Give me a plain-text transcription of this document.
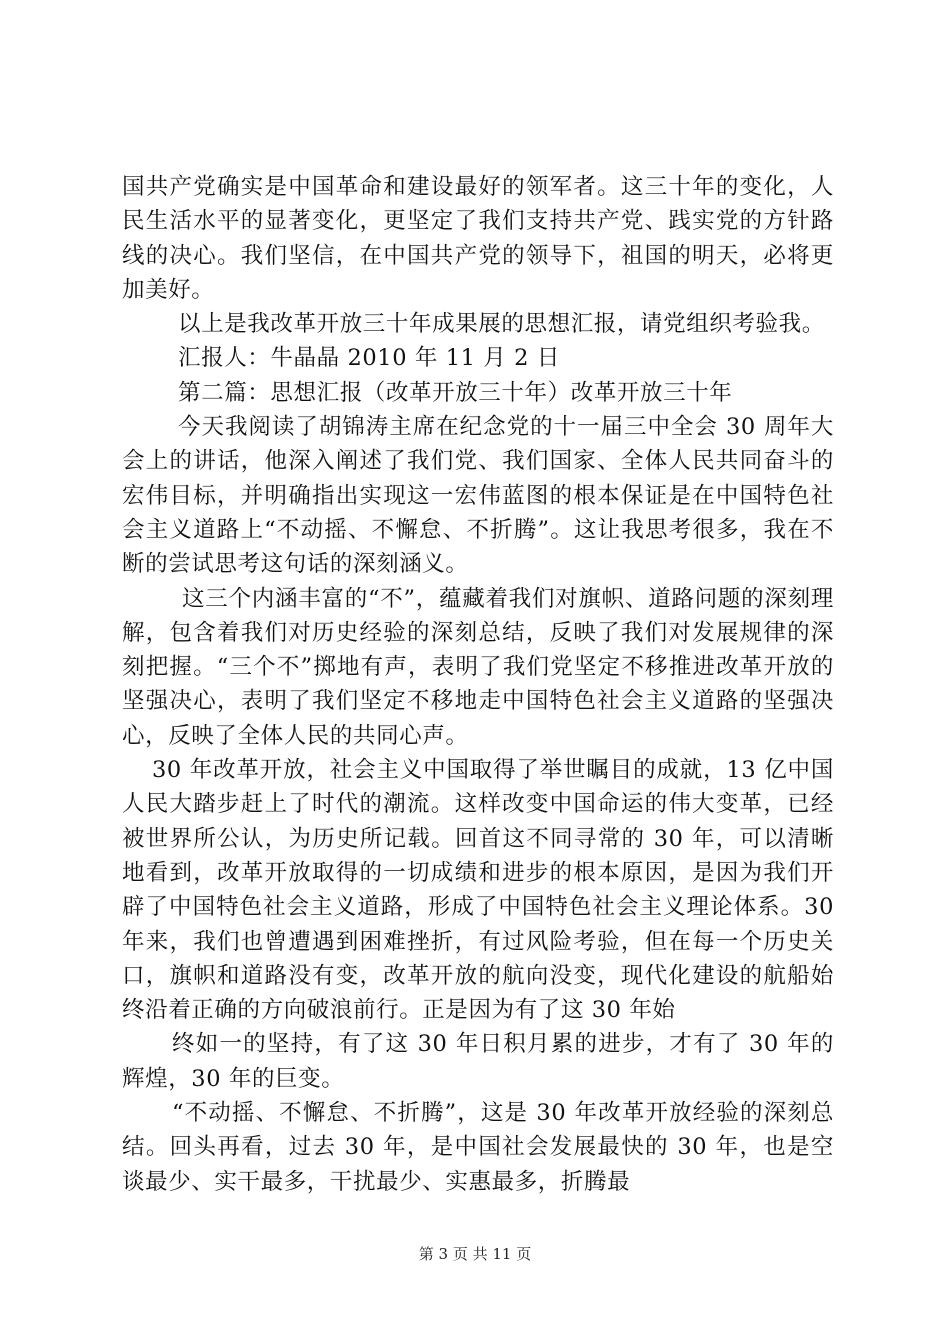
国共产党确实是中国革命和建设最好的领军者。这三十年的变化，人民生活水平的显著变化，更坚定了我们支持共产党、践实党的方针路线的决心。我们坚信，在中国共产党的领导下，祖国的明天，必将更加美好。

以上是我改革开放三十年成果展的思想汇报，请党组织考验我。

汇报人：牛晶晶 2010 年 11 月 2 日

第二篇：思想汇报（改革开放三十年）改革开放三十年

今天我阅读了胡锦涛主席在纪念党的十一届三中全会 30 周年大会上的讲话，他深入阐述了我们党、我们国家、全体人民共同奋斗的宏伟目标，并明确指出实现这一宏伟蓝图的根本保证是在中国特色社会主义道路上“不动摇、不懈怠、不折腾”。这让我思考很多，我在不断的尝试思考这句话的深刻涵义。

这三个内涵丰富的“不”，蕴藏着我们对旗帜、道路问题的深刻理解，包含着我们对历史经验的深刻总结，反映了我们对发展规律的深刻把握。“三个不”掷地有声，表明了我们党坚定不移推进改革开放的坚强决心，表明了我们坚定不移地走中国特色社会主义道路的坚强决心，反映了全体人民的共同心声。

30 年改革开放，社会主义中国取得了举世瞩目的成就，13 亿中国人民大踏步赶上了时代的潮流。这样改变中国命运的伟大变革，已经被世界所公认，为历史所记载。回首这不同寻常的 30 年，可以清晰地看到，改革开放取得的一切成绩和进步的根本原因，是因为我们开辟了中国特色社会主义道路，形成了中国特色社会主义理论体系。30 年来，我们也曾遭遇到困难挫折，有过风险考验，但在每一个历史关口，旗帜和道路没有变，改革开放的航向没变，现代化建设的航船始终沿着正确的方向破浪前行。正是因为有了这 30 年始

终如一的坚持，有了这 30 年日积月累的进步，才有了 30 年的辉煌，30 年的巨变。

“不动摇、不懈怠、不折腾”，这是 30 年改革开放经验的深刻总结。回头再看，过去 30 年，是中国社会发展最快的 30 年，也是空谈最少、实干最多，干扰最少、实惠最多，折腾最

第 3 页 共 11 页
